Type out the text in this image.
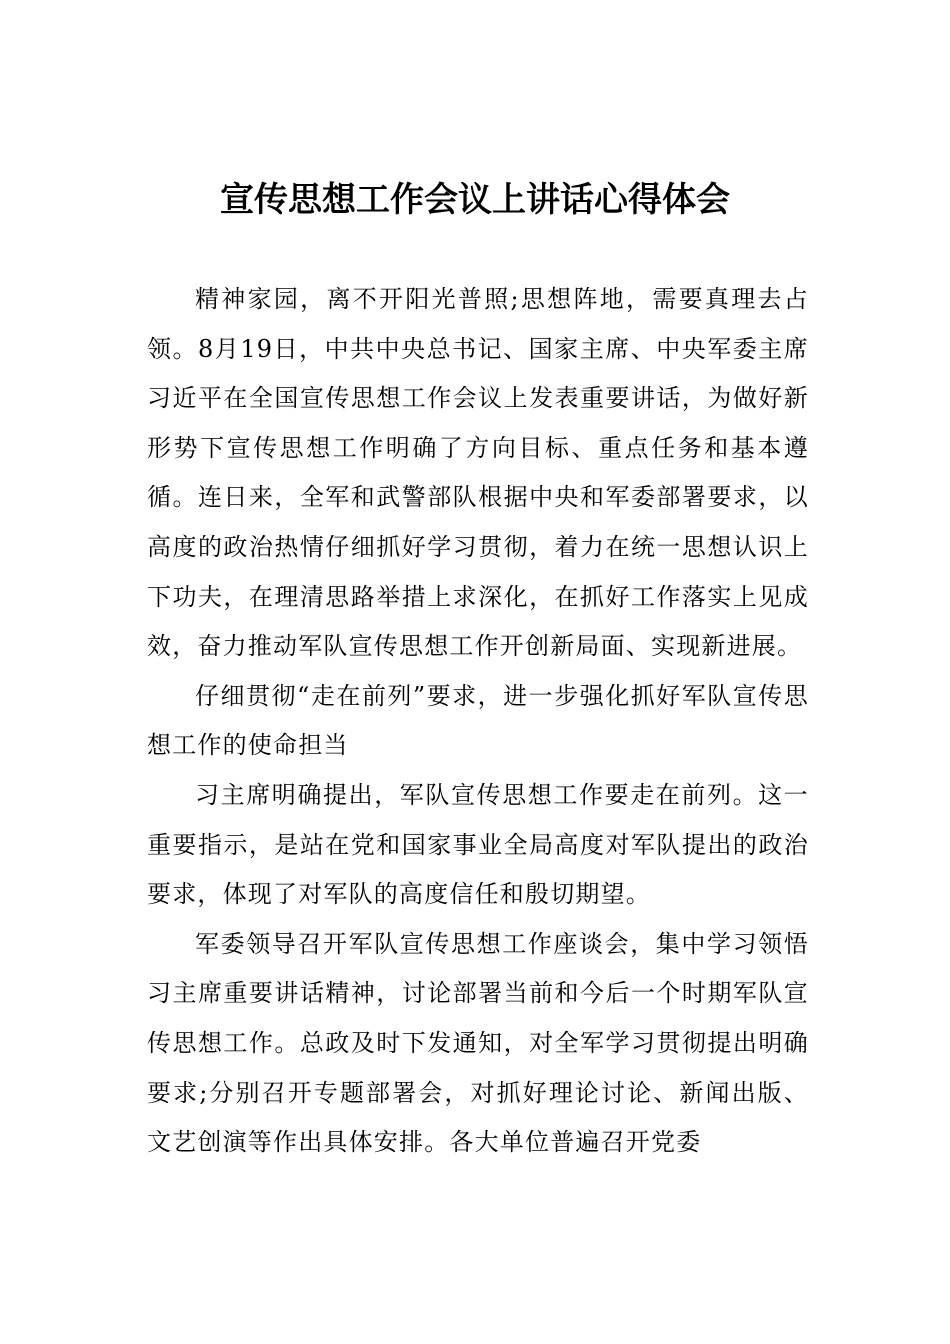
宣传思想工作会议上讲话心得体会

精神家园，离不开阳光普照;思想阵地，需要真理去占领。8月19日，中共中央总书记、国家主席、中央军委主席习近平在全国宣传思想工作会议上发表重要讲话，为做好新形势下宣传思想工作明确了方向目标、重点任务和基本遵循。连日来，全军和武警部队根据中央和军委部署要求，以高度的政治热情仔细抓好学习贯彻，着力在统一思想认识上下功夫，在理清思路举措上求深化，在抓好工作落实上见成效，奋力推动军队宣传思想工作开创新局面、实现新进展。

仔细贯彻“走在前列”要求，进一步强化抓好军队宣传思想工作的使命担当

习主席明确提出，军队宣传思想工作要走在前列。这一重要指示，是站在党和国家事业全局高度对军队提出的政治要求，体现了对军队的高度信任和殷切期望。

军委领导召开军队宣传思想工作座谈会，集中学习领悟习主席重要讲话精神，讨论部署当前和今后一个时期军队宣传思想工作。总政及时下发通知，对全军学习贯彻提出明确要求;分别召开专题部署会，对抓好理论讨论、新闻出版、文艺创演等作出具体安排。各大单位普遍召开党委
